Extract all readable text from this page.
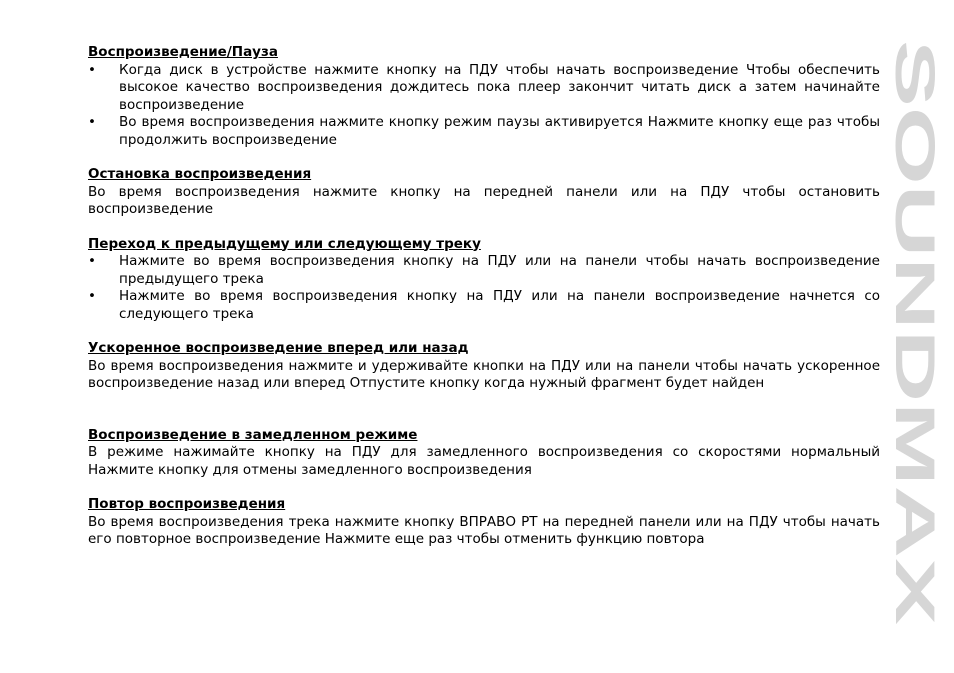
Воспроизведение/Пауза
• Когда диск в устройстве нажмите кнопку на ПДУ чтобы начать воспроизведение Чтобы обеспечить высокое качество воспроизведения дождитесь пока плеер закончит читать диск а затем начинайте воспроизведение
• Во время воспроизведения нажмите кнопку режим паузы активируется Нажмите кнопку еще раз чтобы продолжить воспроизведение
Остановка воспроизведения

Во время воспроизведения нажмите кнопку на передней панели или на ПДУ чтобы остановить воспроизведение

Переход к предыдущему или следующему треку
• Нажмите во время воспроизведения кнопку на ПДУ или на панели чтобы начать воспроизведение предыдущего трека
• Нажмите во время воспроизведения кнопку на ПДУ или на панели воспроизведение начнется со следующего трека
Ускоренное воспроизведение вперед или назад

Во время воспроизведения нажмите и удерживайте кнопки на ПДУ или на панели чтобы начать ускоренное воспроизведение назад или вперед Отпустите кнопку когда нужный фрагмент будет найден

Воспроизведение в замедленном режиме

В режиме нажимайте кнопку на ПДУ для замедленного воспроизведения со скоростями нормальный Нажмите кнопку для отмены замедленного воспроизведения

Повтор воспроизведения

Во время воспроизведения трека нажмите кнопку ВПРАВО РТ на передней панели или на ПДУ чтобы начать его повторное воспроизведение Нажмите еще раз чтобы отменить функцию повтора

SOUNDMAX
